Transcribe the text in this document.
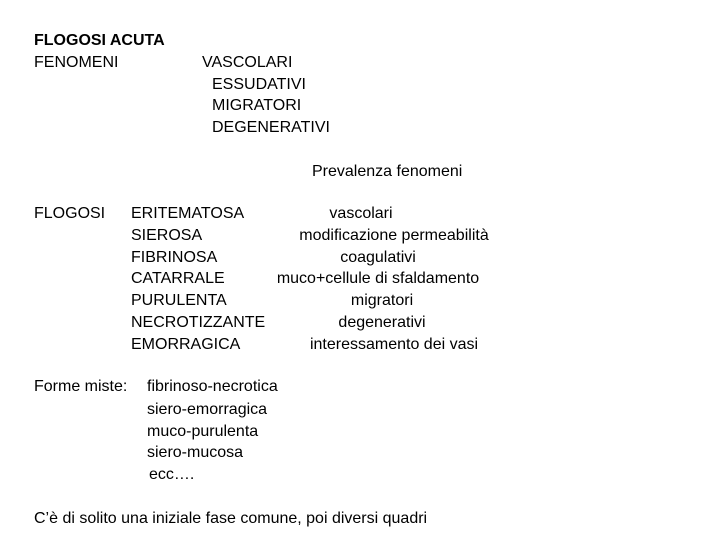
FLOGOSI ACUTA
FENOMENI	VASCOLARI
ESSUDATIVI
MIGRATORI
DEGENERATIVI
Prevalenza fenomeni
FLOGOSI ERITEMATOSA	vascolari
SIEROSA	modificazione permeabilità
FIBRINOSA	coagulativi
CATARRALE	muco+cellule di sfaldamento
PURULENTA	migratori
NECROTIZZANTE	degenerativi
EMORRAGICA	interessamento dei vasi
Forme miste: fibrinoso-necrotica
siero-emorragica
muco-purulenta
siero-mucosa
ecc….
C’è di solito una iniziale fase comune, poi diversi quadri
